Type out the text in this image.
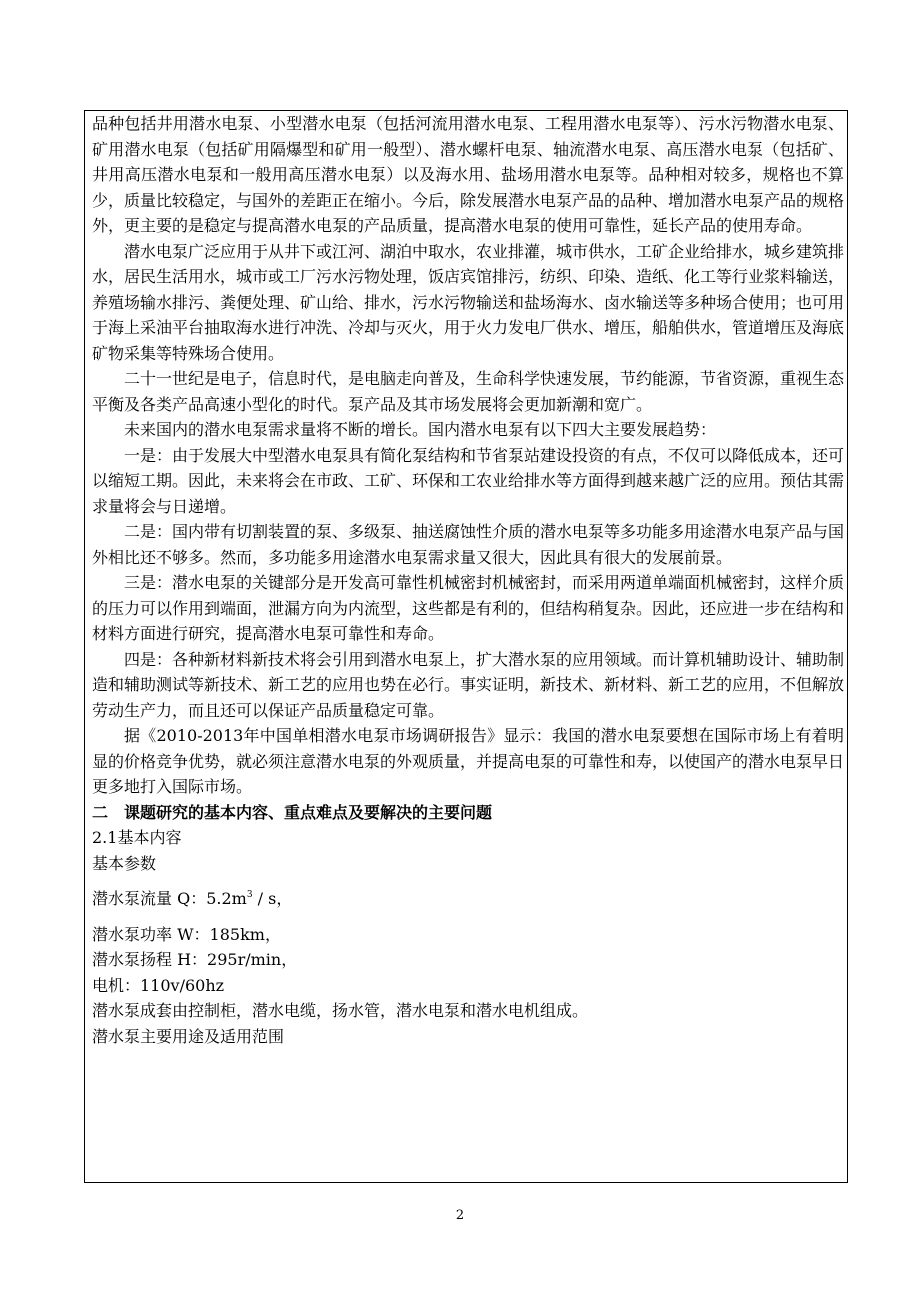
品种包括井用潜水电泵、小型潜水电泵（包括河流用潜水电泵、工程用潜水电泵等）、污水污物潜水电泵、矿用潜水电泵（包括矿用隔爆型和矿用一般型）、潜水螺杆电泵、轴流潜水电泵、高压潜水电泵（包括矿、井用高压潜水电泵和一般用高压潜水电泵）以及海水用、盐场用潜水电泵等。品种相对较多，规格也不算少，质量比较稳定，与国外的差距正在缩小。今后，除发展潜水电泵产品的品种、增加潜水电泵产品的规格外，更主要的是稳定与提高潜水电泵的产品质量，提高潜水电泵的使用可靠性，延长产品的使用寿命。

潜水电泵广泛应用于从井下或江河、湖泊中取水，农业排灌，城市供水，工矿企业给排水，城乡建筑排水，居民生活用水，城市或工厂污水污物处理，饭店宾馆排污，纺织、印染、造纸、化工等行业浆料输送，养殖场输水排污、粪便处理、矿山给、排水，污水污物输送和盐场海水、卤水输送等多种场合使用；也可用于海上采油平台抽取海水进行冲洗、冷却与灭火，用于火力发电厂供水、增压，船舶供水，管道增压及海底矿物采集等特殊场合使用。

二十一世纪是电子，信息时代，是电脑走向普及，生命科学快速发展，节约能源，节省资源，重视生态平衡及各类产品高速小型化的时代。泵产品及其市场发展将会更加新潮和宽广。

未来国内的潜水电泵需求量将不断的增长。国内潜水电泵有以下四大主要发展趋势：

一是：由于发展大中型潜水电泵具有简化泵结构和节省泵站建设投资的有点，不仅可以降低成本，还可以缩短工期。因此，未来将会在市政、工矿、环保和工农业给排水等方面得到越来越广泛的应用。预估其需求量将会与日递增。

二是：国内带有切割装置的泵、多级泵、抽送腐蚀性介质的潜水电泵等多功能多用途潜水电泵产品与国外相比还不够多。然而，多功能多用途潜水电泵需求量又很大，因此具有很大的发展前景。

三是：潜水电泵的关键部分是开发高可靠性机械密封机械密封，而采用两道单端面机械密封，这样介质的压力可以作用到端面，泄漏方向为内流型，这些都是有利的，但结构稍复杂。因此，还应进一步在结构和材料方面进行研究，提高潜水电泵可靠性和寿命。

四是：各种新材料新技术将会引用到潜水电泵上，扩大潜水泵的应用领域。而计算机辅助设计、辅助制造和辅助测试等新技术、新工艺的应用也势在必行。事实证明，新技术、新材料、新工艺的应用，不但解放劳动生产力，而且还可以保证产品质量稳定可靠。

据《2010-2013年中国单相潜水电泵市场调研报告》显示：我国的潜水电泵要想在国际市场上有着明显的价格竞争优势，就必须注意潜水电泵的外观质量，并提高电泵的可靠性和寿，以使国产的潜水电泵早日更多地打入国际市场。

二　课题研究的基本内容、重点难点及要解决的主要问题

2.1基本内容

基本参数

潜水泵流量 Q：$5.2m^3$ / s，

潜水泵功率 W：185km，

潜水泵扬程 H：295r/min，

电机：110v/60hz

潜水泵成套由控制柜，潜水电缆，扬水管，潜水电泵和潜水电机组成。

潜水泵主要用途及适用范围

2
